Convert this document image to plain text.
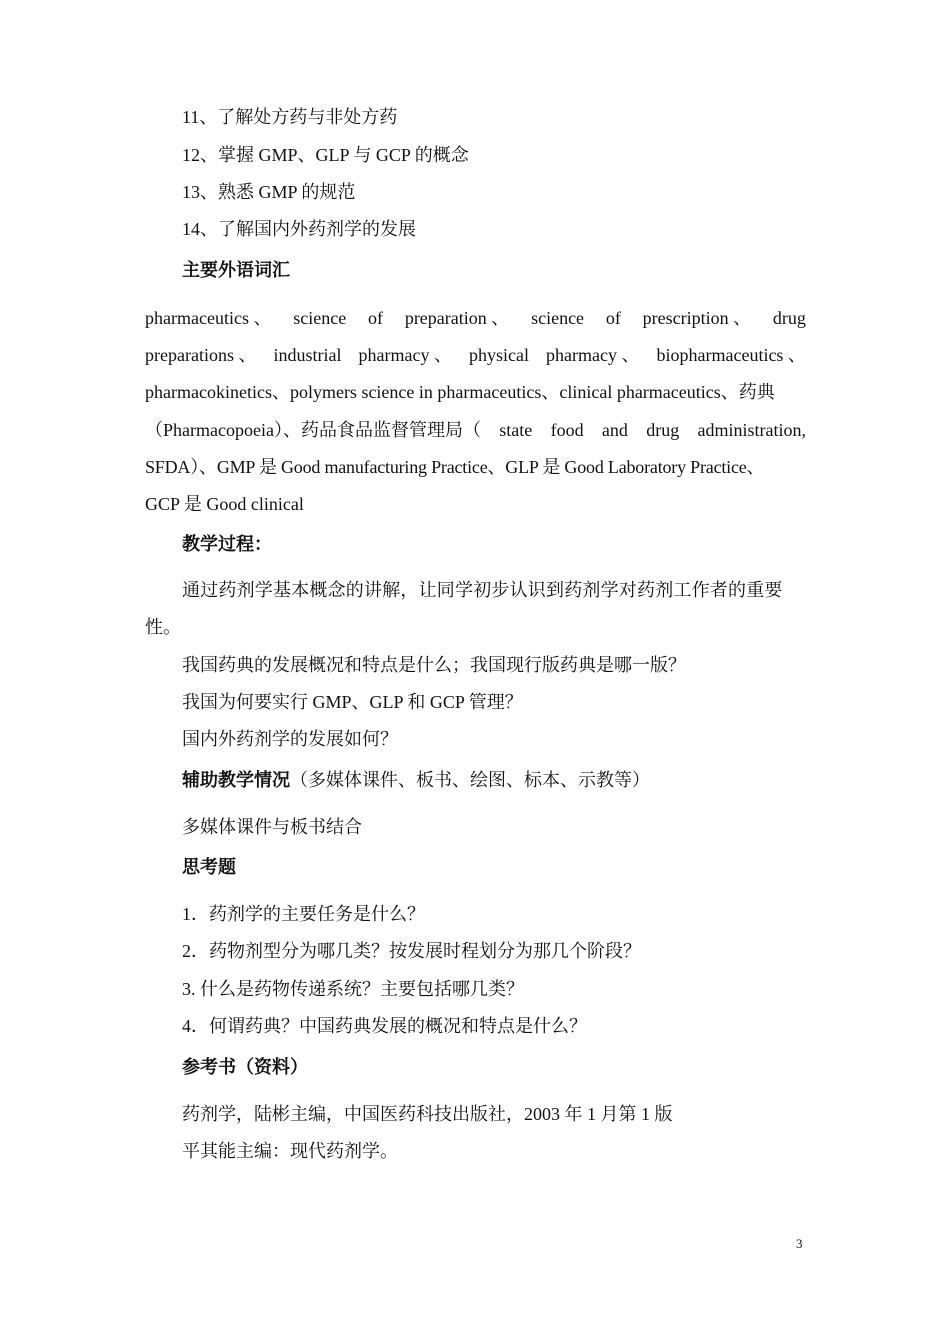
11、了解处方药与非处方药
12、掌握 GMP、GLP 与 GCP 的概念
13、熟悉 GMP 的规范
14、了解国内外药剂学的发展
主要外语词汇
pharmaceutics 、 science of preparation 、 science of prescription 、 drug
preparations 、 industrial pharmacy 、 physical pharmacy 、 biopharmaceutics 、
pharmacokinetics、polymers science in pharmaceutics、clinical pharmaceutics、药典
（Pharmacopoeia）、药品食品监督管理局（ state food and drug administration,
SFDA）、GMP 是 Good manufacturing Practice、GLP 是 Good Laboratory Practice、
GCP 是 Good clinical
教学过程：
通过药剂学基本概念的讲解，让同学初步认识到药剂学对药剂工作者的重要
性。
我国药典的发展概况和特点是什么；我国现行版药典是哪一版？
我国为何要实行 GMP、GLP 和 GCP 管理？
国内外药剂学的发展如何？
辅助教学情况（多媒体课件、板书、绘图、标本、示教等）
多媒体课件与板书结合
思考题
1．药剂学的主要任务是什么？
2．药物剂型分为哪几类？按发展时程划分为那几个阶段？
3. 什么是药物传递系统？主要包括哪几类？
4．何谓药典？中国药典发展的概况和特点是什么？
参考书（资料）
药剂学，陆彬主编，中国医药科技出版社，2003 年 1 月第 1 版
平其能主编：现代药剂学。
3
